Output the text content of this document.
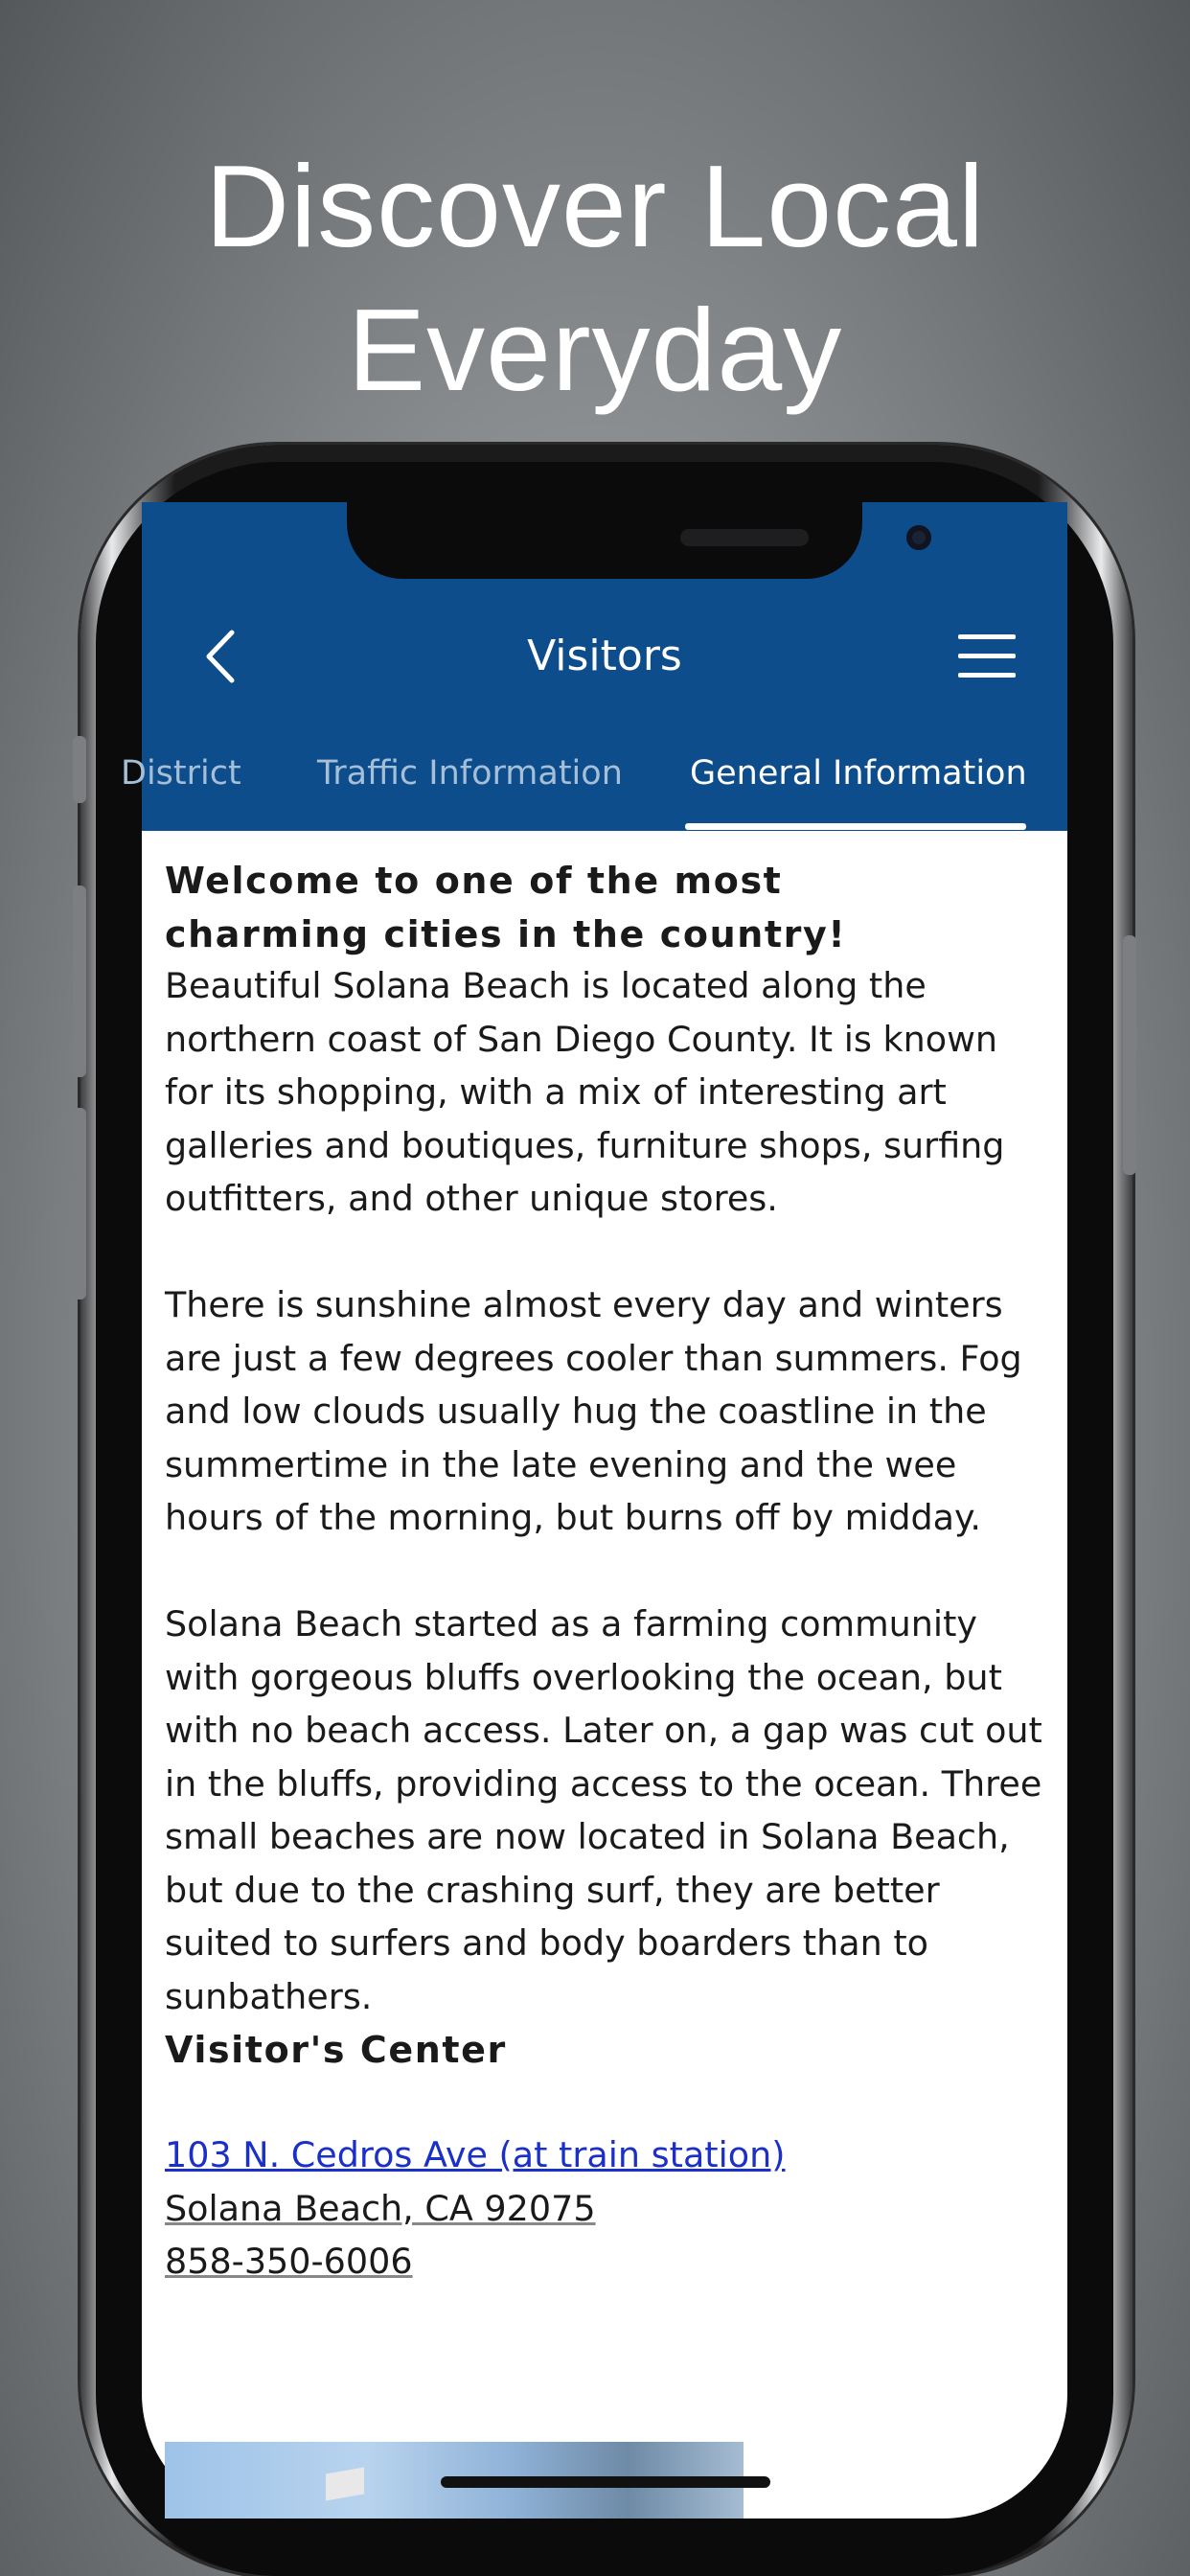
Discover Local
Everyday
Visitors
District Traffic Information General Information
Welcome to one of the most charming cities in the country!
Beautiful Solana Beach is located along the northern coast of San Diego County. It is known for its shopping, with a mix of interesting art galleries and boutiques, furniture shops, surfing outfitters, and other unique stores.
There is sunshine almost every day and winters are just a few degrees cooler than summers. Fog and low clouds usually hug the coastline in the summertime in the late evening and the wee hours of the morning, but burns off by midday.
Solana Beach started as a farming community with gorgeous bluffs overlooking the ocean, but with no beach access. Later on, a gap was cut out in the bluffs, providing access to the ocean. Three small beaches are now located in Solana Beach, but due to the crashing surf, they are better suited to surfers and body boarders than to sunbathers.
Visitor's Center
103 N. Cedros Ave (at train station)
Solana Beach, CA 92075
858-350-6006
